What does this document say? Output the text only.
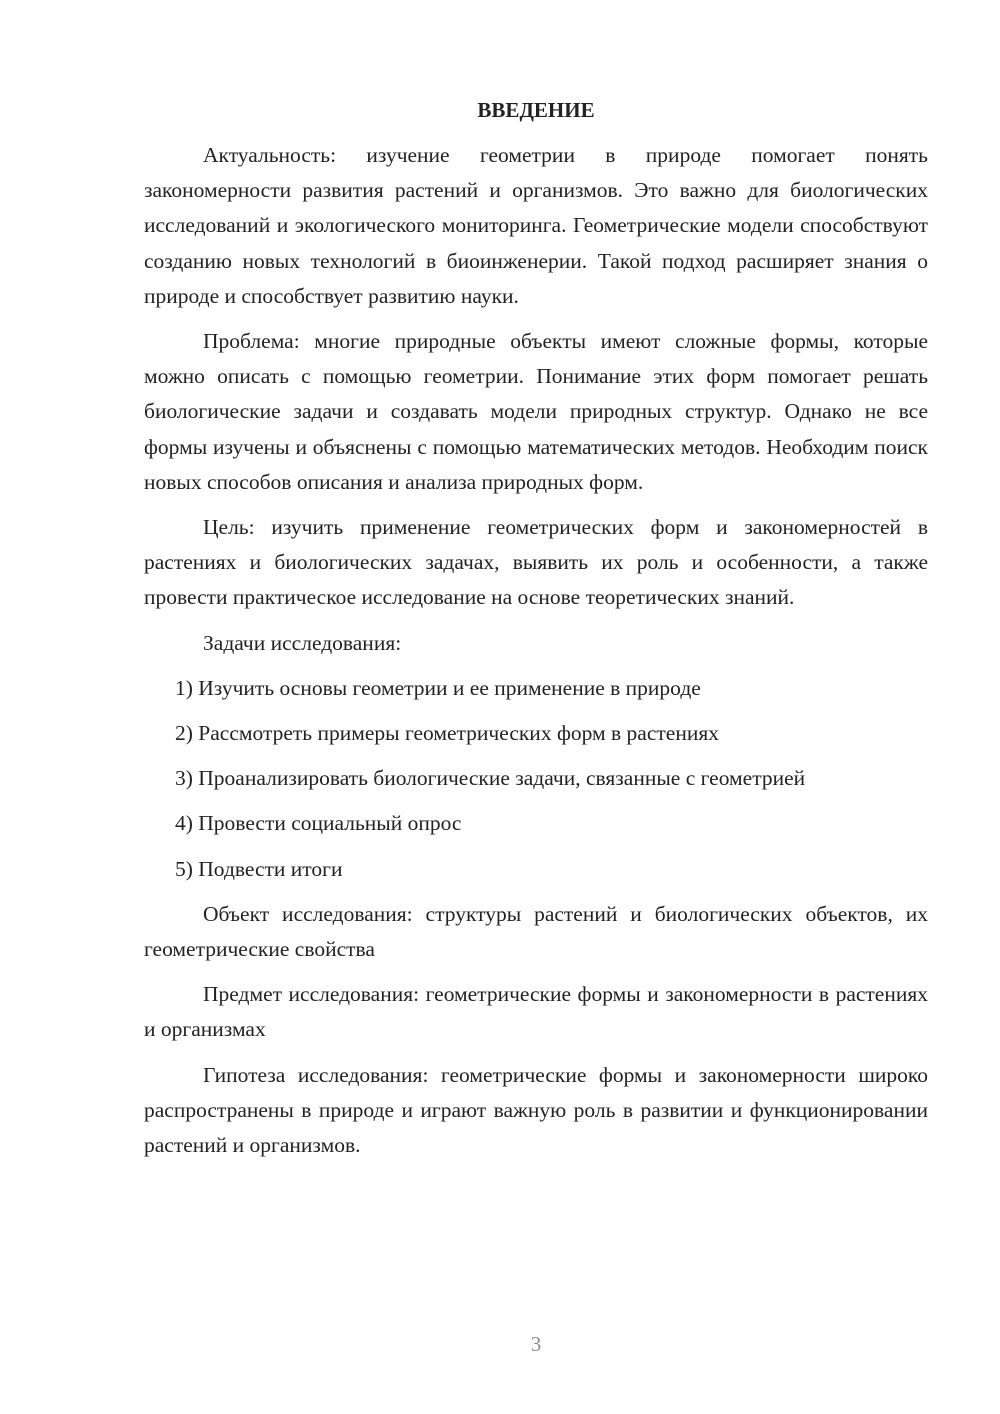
ВВЕДЕНИЕ

Актуальность: изучение геометрии в природе помогает понять закономерности развития растений и организмов. Это важно для биологических исследований и экологического мониторинга. Геометрические модели способствуют созданию новых технологий в биоинженерии. Такой подход расширяет знания о природе и способствует развитию науки.

Проблема: многие природные объекты имеют сложные формы, которые можно описать с помощью геометрии. Понимание этих форм помогает решать биологические задачи и создавать модели природных структур. Однако не все формы изучены и объяснены с помощью математических методов. Необходим поиск новых способов описания и анализа природных форм.

Цель: изучить применение геометрических форм и закономерностей в растениях и биологических задачах, выявить их роль и особенности, а также провести практическое исследование на основе теоретических знаний.

Задачи исследования:

1) Изучить основы геометрии и ее применение в природе
2) Рассмотреть примеры геометрических форм в растениях
3) Проанализировать биологические задачи, связанные с геометрией
4) Провести социальный опрос
5) Подвести итоги

Объект исследования: структуры растений и биологических объектов, их геометрические свойства

Предмет исследования: геометрические формы и закономерности в растениях и организмах

Гипотеза исследования: геометрические формы и закономерности широко распространены в природе и играют важную роль в развитии и функционировании растений и организмов.

3
